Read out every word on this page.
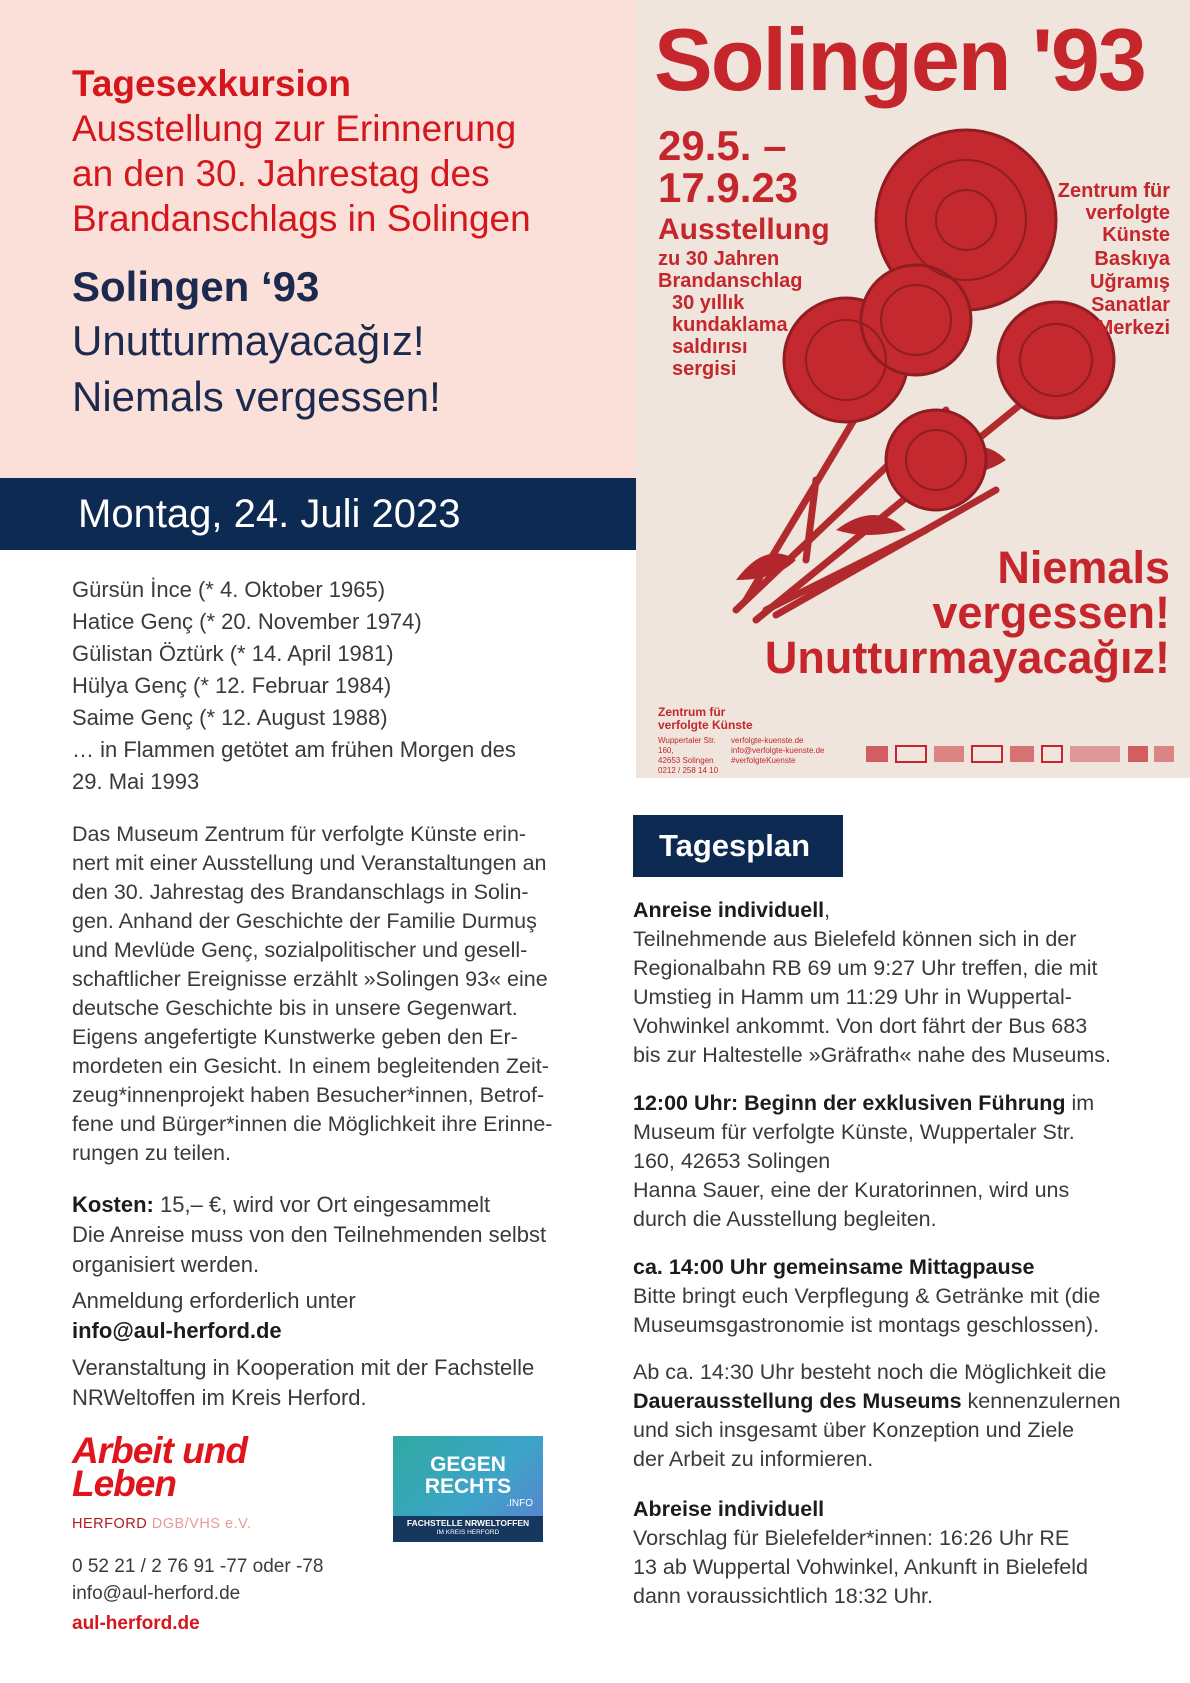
Tagesexkursion
Ausstellung zur Erinnerung
an den 30. Jahrestag des
Brandanschlags in Solingen
Solingen ‘93
Unutturmayacağız!
Niemals vergessen!
Montag, 24. Juli 2023
Gürsün İnce (* 4. Oktober 1965)
Hatice Genç (* 20. November 1974)
Gülistan Öztürk (* 14. April 1981)
Hülya Genç (* 12. Februar 1984)
Saime Genç (* 12. August 1988)
… in Flammen getötet am frühen Morgen des
29. Mai 1993
Das Museum Zentrum für verfolgte Künste erin-
nert mit einer Ausstellung und Veranstaltungen an
den 30. Jahrestag des Brandanschlags in Solin-
gen. Anhand der Geschichte der Familie Durmuş
und Mevlüde Genç, sozialpolitischer und gesell-
schaftlicher Ereignisse erzählt »Solingen 93« eine
deutsche Geschichte bis in unsere Gegenwart.
Eigens angefertigte Kunstwerke geben den Er-
mordeten ein Gesicht. In einem begleitenden Zeit-
zeug*innenprojekt haben Besucher*innen, Betrof-
fene und Bürger*innen die Möglichkeit ihre Erinne-
rungen zu teilen.
Kosten: 15,– €, wird vor Ort eingesammelt
Die Anreise muss von den Teilnehmenden selbst
organisiert werden.
Anmeldung erforderlich unter
info@aul-herford.de
Veranstaltung in Kooperation mit der Fachstelle
NRWeltoffen im Kreis Herford.
Arbeit und
Leben
HERFORD DGB/VHS e.V.
GEGEN
RECHTS
.INFO
FACHSTELLE NRWELTOFFEN
IM KREIS HERFORD
0 52 21 / 2 76 91 -77 oder -78
info@aul-herford.de
aul-herford.de
Solingen '93
29.5. –
17.9.23
Ausstellung
zu 30 Jahren
Brandanschlag
30 yıllık
kundaklama
saldırısı
sergisi
Zentrum für
verfolgte
Künste
Baskıya
Uğramış
Sanatlar
Merkezi
Niemals
vergessen!
Unutturmayacağız!
Zentrum für
verfolgte Künste
Wuppertaler Str. 160,
42653 Solingen
0212 / 258 14 10
verfolgte-kuenste.de
info@verfolgte-kuenste.de
#verfolgteKuenste
Tagesplan
Anreise individuell,
Teilnehmende aus Bielefeld können sich in der
Regionalbahn RB 69 um 9:27 Uhr treffen, die mit
Umstieg in Hamm um 11:29 Uhr in Wuppertal-
Vohwinkel ankommt. Von dort fährt der Bus 683
bis zur Haltestelle »Gräfrath« nahe des Museums.
12:00 Uhr: Beginn der exklusiven Führung im
Museum für verfolgte Künste, Wuppertaler Str.
160, 42653 Solingen
Hanna Sauer, eine der Kuratorinnen, wird uns
durch die Ausstellung begleiten.
ca. 14:00 Uhr gemeinsame Mittagpause
Bitte bringt euch Verpflegung & Getränke mit (die
Museumsgastronomie ist montags geschlossen).
Ab ca. 14:30 Uhr besteht noch die Möglichkeit die
Dauerausstellung des Museums kennenzulernen
und sich insgesamt über Konzeption und Ziele
der Arbeit zu informieren.
Abreise individuell
Vorschlag für Bielefelder*innen: 16:26 Uhr RE
13 ab Wuppertal Vohwinkel, Ankunft in Bielefeld
dann voraussichtlich 18:32 Uhr.
